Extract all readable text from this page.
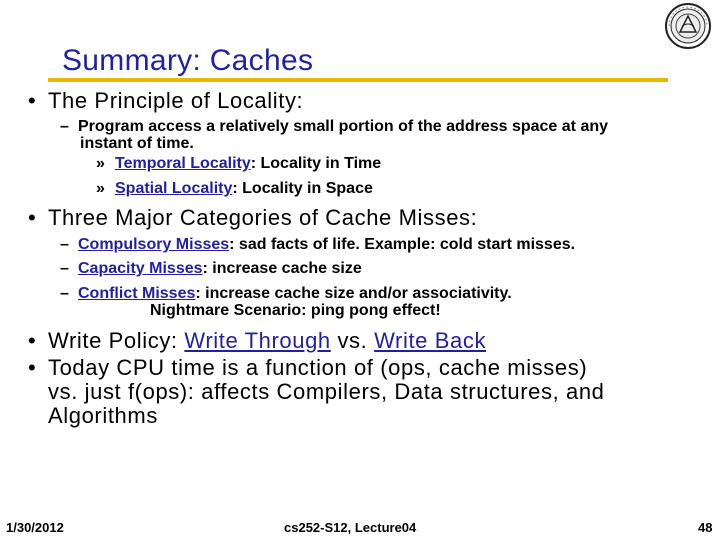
Summary: Caches
• The Principle of Locality:
– Program access a relatively small portion of the address space at any
instant of time.
» Temporal Locality: Locality in Time
» Spatial Locality: Locality in Space
• Three Major Categories of Cache Misses:
– Compulsory Misses: sad facts of life. Example: cold start misses.
– Capacity Misses: increase cache size
– Conflict Misses: increase cache size and/or associativity.
Nightmare Scenario: ping pong effect!
• Write Policy: Write Through vs. Write Back
• Today CPU time is a function of (ops, cache misses)
vs. just f(ops): affects Compilers, Data structures, and
Algorithms
1/30/2012	cs252-S12, Lecture04	48
